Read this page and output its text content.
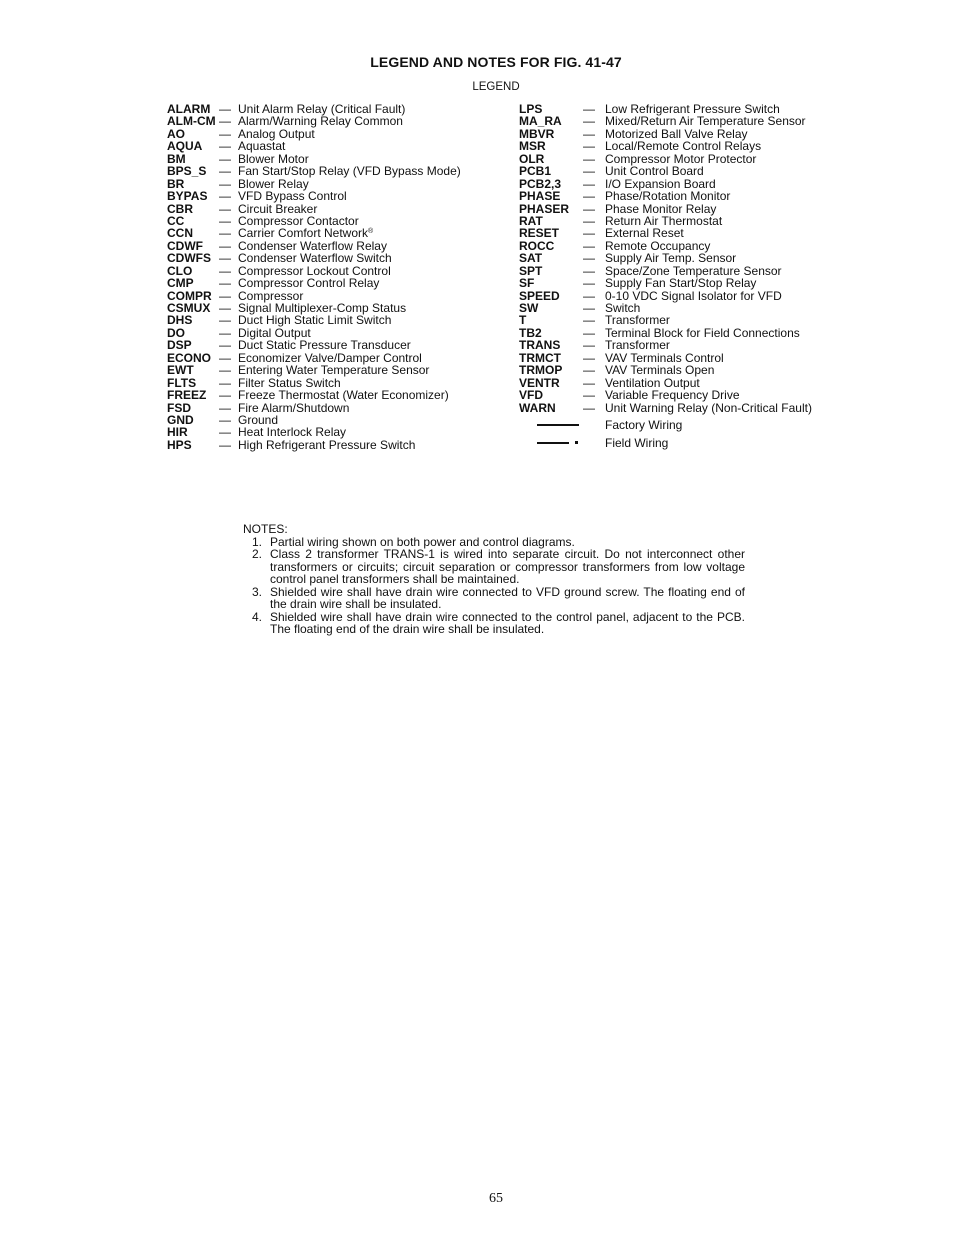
LEGEND AND NOTES FOR FIG. 41-47
LEGEND
ALARM — Unit Alarm Relay (Critical Fault)
ALM-CM — Alarm/Warning Relay Common
AO	— Analog Output
AQUA — Aquastat
BM	— Blower Motor
BPS_S — Fan Start/Stop Relay (VFD Bypass Mode)
BR	— Blower Relay
BYPAS — VFD Bypass Control
CBR — Circuit Breaker
CC	— Compressor Contactor
CCN — Carrier Comfort Network®
CDWF — Condenser Waterflow Relay
CDWFS — Condenser Waterflow Switch
CLO — Compressor Lockout Control
CMP — Compressor Control Relay
COMPR — Compressor
CSMUX — Signal Multiplexer-Comp Status
DHS — Duct High Static Limit Switch
DO	— Digital Output
DSP — Duct Static Pressure Transducer
ECONO — Economizer Valve/Damper Control
EWT — Entering Water Temperature Sensor
FLTS — Filter Status Switch
FREEZ — Freeze Thermostat (Water Economizer)
FSD — Fire Alarm/Shutdown
GND — Ground
HIR	— Heat Interlock Relay
HPS — High Refrigerant Pressure Switch
LPS	— Low Refrigerant Pressure Switch
MA_RA — Mixed/Return Air Temperature Sensor
MBVR — Motorized Ball Valve Relay
MSR	— Local/Remote Control Relays
OLR	— Compressor Motor Protector
PCB1	— Unit Control Board
PCB2,3 — I/O Expansion Board
PHASE — Phase/Rotation Monitor
PHASER — Phase Monitor Relay
RAT	— Return Air Thermostat
RESET — External Reset
ROCC — Remote Occupancy
SAT	— Supply Air Temp. Sensor
SPT	— Space/Zone Temperature Sensor
SF	— Supply Fan Start/Stop Relay
SPEED — 0-10 VDC Signal Isolator for VFD
SW	— Switch
T	— Transformer
TB2	— Terminal Block for Field Connections
TRANS — Transformer
TRMCT — VAV Terminals Control
TRMOP — VAV Terminals Open
VENTR — Ventilation Output
VFD	— Variable Frequency Drive
WARN — Unit Warning Relay (Non-Critical Fault)
Factory Wiring
Field Wiring
NOTES:
1. Partial wiring shown on both power and control diagrams.
2. Class 2 transformer TRANS-1 is wired into separate circuit. Do not interconnect other transformers or circuits; circuit separation or compressor transformers from low voltage control panel transformers shall be maintained.
3. Shielded wire shall have drain wire connected to VFD ground screw. The floating end of the drain wire shall be insulated.
4. Shielded wire shall have drain wire connected to the control panel, adjacent to the PCB. The floating end of the drain wire shall be insulated.
65
